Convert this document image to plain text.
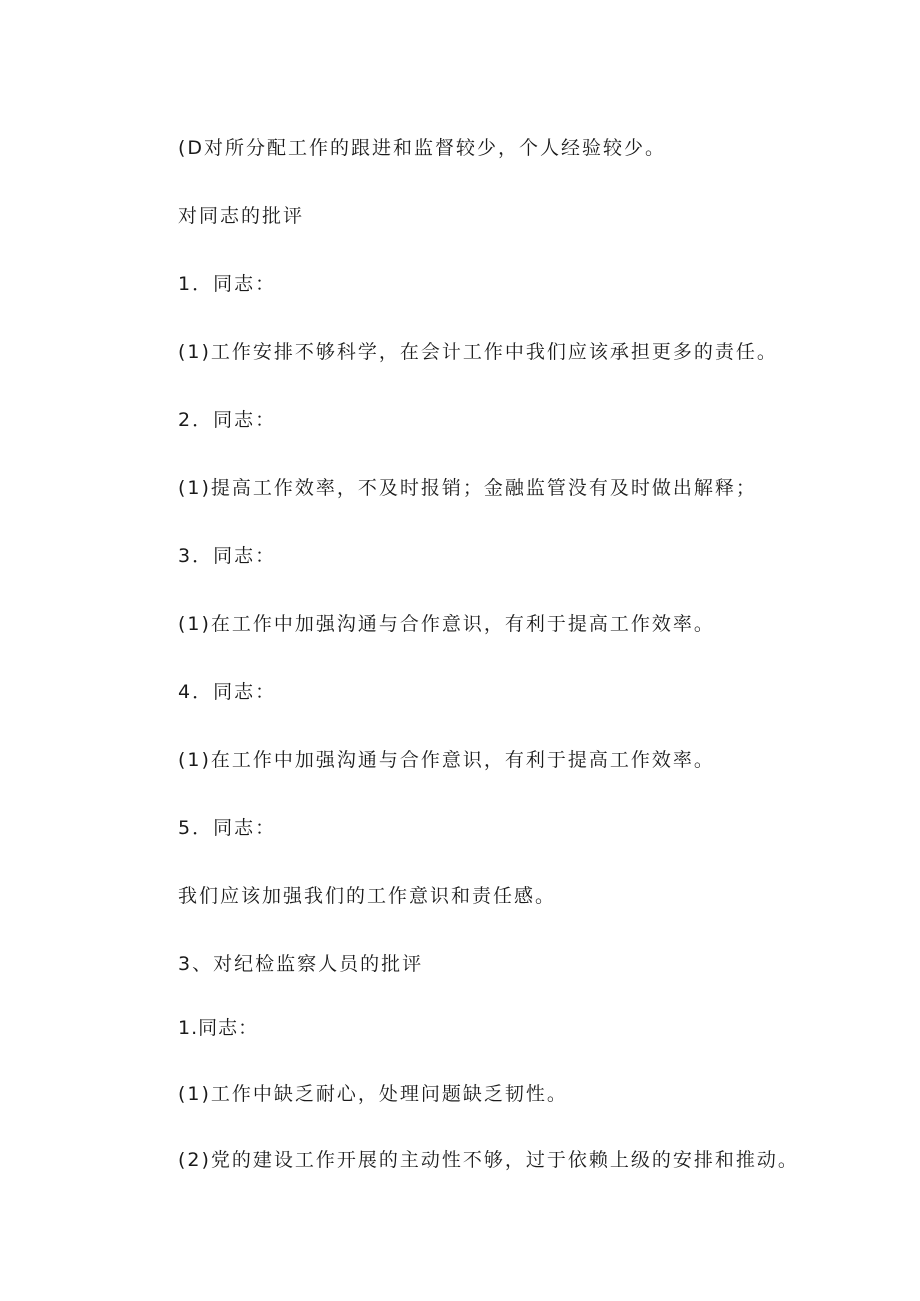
(D对所分配工作的跟进和监督较少，个人经验较少。

对同志的批评

1．同志：

(1)工作安排不够科学，在会计工作中我们应该承担更多的责任。

2．同志：

(1)提高工作效率，不及时报销；金融监管没有及时做出解释；

3．同志：

(1)在工作中加强沟通与合作意识，有利于提高工作效率。

4．同志：

(1)在工作中加强沟通与合作意识，有利于提高工作效率。

5．同志：

我们应该加强我们的工作意识和责任感。

3、对纪检监察人员的批评

1.同志：

(1)工作中缺乏耐心，处理问题缺乏韧性。

(2)党的建设工作开展的主动性不够，过于依赖上级的安排和推动。
